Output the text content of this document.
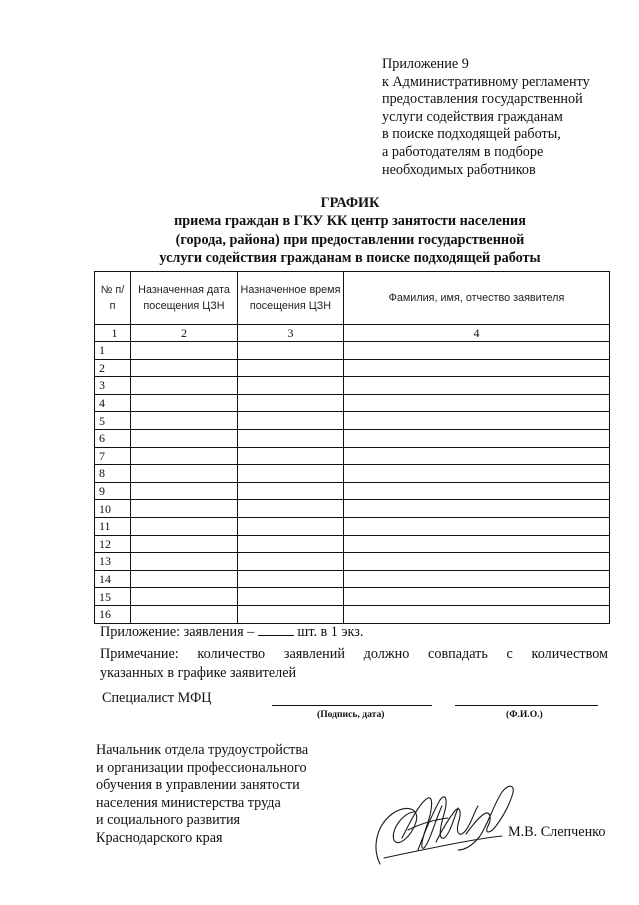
Приложение 9
к Административному регламенту
предоставления государственной
услуги содействия гражданам
в поиске подходящей работы,
а работодателям в подборе
необходимых работников
ГРАФИК
приема граждан в ГКУ КК центр занятости населения
(города, района) при предоставлении государственной
услуги содействия гражданам в поиске подходящей работы
№ п/п	Назначенная дата посещения ЦЗН	Назначенное время посещения ЦЗН	Фамилия, имя, отчество заявителя
1	2	3	4
1			
2			
3			
4			
5			
6			
7			
8			
9			
10			
11			
12			
13			
14			
15			
16			
Приложение: заявления –	шт. в 1 экз.
Примечание: количество заявлений должно совпадать с количеством
указанных в графике заявителей
Специалист МФЦ
(Подпись, дата)	(Ф.И.О.)
Начальник отдела трудоустройства
и организации профессионального
обучения в управлении занятости
населения министерства труда
и социального развития
Краснодарского края	М.В. Слепченко
